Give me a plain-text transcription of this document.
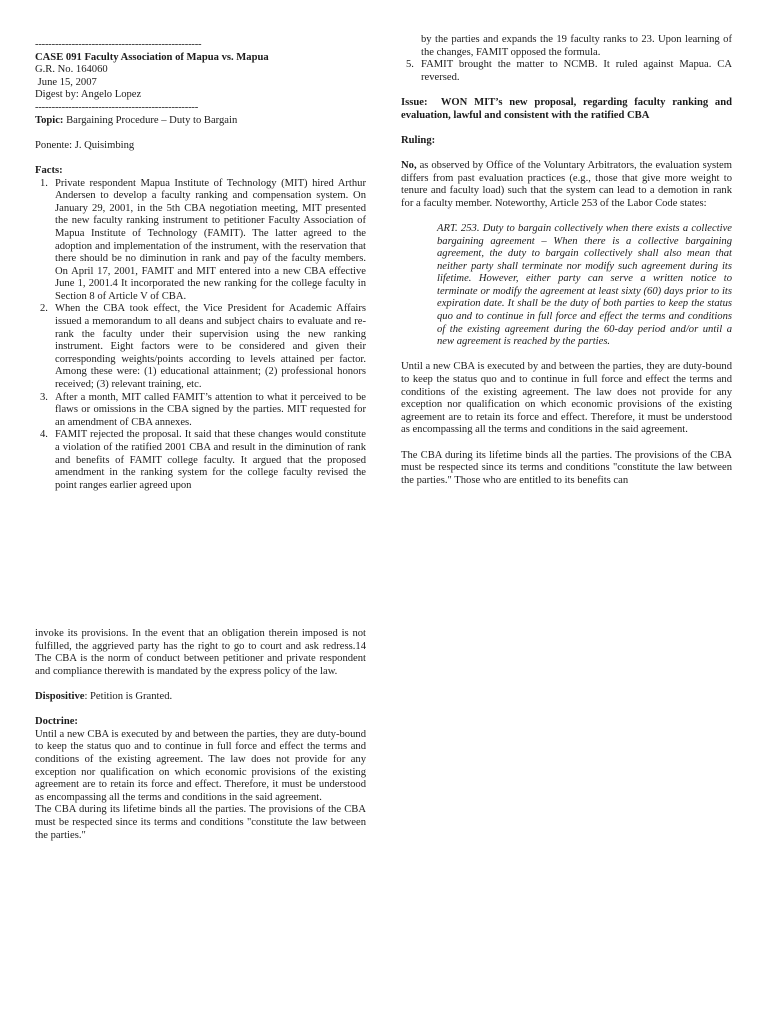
--------------------------------------------------

CASE 091 Faculty Association of Mapua vs. Mapua

G.R. No. 164060

June 15, 2007

Digest by: Angelo Lopez

-------------------------------------------------

Topic: Bargaining Procedure – Duty to Bargain

Ponente: J. Quisimbing

Facts:

1. Private respondent Mapua Institute of Technology (MIT) hired Arthur Andersen to develop a faculty ranking and compensation system. On January 29, 2001, in the 5th CBA negotiation meeting, MIT presented the new faculty ranking instrument to petitioner Faculty Association of Mapua Institute of Technology (FAMIT). The latter agreed to the adoption and implementation of the instrument, with the reservation that there should be no diminution in rank and pay of the faculty members. On April 17, 2001, FAMIT and MIT entered into a new CBA effective June 1, 2001.4 It incorporated the new ranking for the college faculty in Section 8 of Article V of CBA.
2. When the CBA took effect, the Vice President for Academic Affairs issued a memorandum to all deans and subject chairs to evaluate and re-rank the faculty under their supervision using the new ranking instrument. Eight factors were to be considered and given their corresponding weights/points according to levels attained per factor. Among these were: (1) educational attainment; (2) professional honors received; (3) relevant training, etc.
3. After a month, MIT called FAMIT’s attention to what it perceived to be flaws or omissions in the CBA signed by the parties. MIT requested for an amendment of CBA annexes.
4. FAMIT rejected the proposal. It said that these changes would constitute a violation of the ratified 2001 CBA and result in the diminution of rank and benefits of FAMIT college faculty. It argued that the proposed amendment in the ranking system for the college faculty revised the point ranges earlier agreed upon
by the parties and expands the 19 faculty ranks to 23. Upon learning of the changes, FAMIT opposed the formula.
5. FAMIT brought the matter to NCMB. It ruled against Mapua. CA reversed.

Issue:  WON MIT’s new proposal, regarding faculty ranking and evaluation, lawful and consistent with the ratified CBA

Ruling:

No, as observed by Office of the Voluntary Arbitrators, the evaluation system differs from past evaluation practices (e.g., those that give more weight to tenure and faculty load) such that the system can lead to a demotion in rank for a faculty member. Noteworthy, Article 253 of the Labor Code states:

ART. 253. Duty to bargain collectively when there exists a collective bargaining agreement – When there is a collective bargaining agreement, the duty to bargain collectively shall also mean that neither party shall terminate nor modify such agreement during its lifetime. However, either party can serve a written notice to terminate or modify the agreement at least sixty (60) days prior to its expiration date. It shall be the duty of both parties to keep the status quo and to continue in full force and effect the terms and conditions of the existing agreement during the 60-day period and/or until a new agreement is reached by the parties.

Until a new CBA is executed by and between the parties, they are duty-bound to keep the status quo and to continue in full force and effect the terms and conditions of the existing agreement. The law does not provide for any exception nor qualification on which economic provisions of the existing agreement are to retain its force and effect. Therefore, it must be understood as encompassing all the terms and conditions in the said agreement.

The CBA during its lifetime binds all the parties. The provisions of the CBA must be respected since its terms and conditions "constitute the law between the parties." Those who are entitled to its benefits can

invoke its provisions. In the event that an obligation therein imposed is not fulfilled, the aggrieved party has the right to go to court and ask redress.14 The CBA is the norm of conduct between petitioner and private respondent and compliance therewith is mandated by the express policy of the law.

Dispositive: Petition is Granted.

Doctrine:

Until a new CBA is executed by and between the parties, they are duty-bound to keep the status quo and to continue in full force and effect the terms and conditions of the existing agreement. The law does not provide for any exception nor qualification on which economic provisions of the existing agreement are to retain its force and effect. Therefore, it must be understood as encompassing all the terms and conditions in the said agreement.

The CBA during its lifetime binds all the parties. The provisions of the CBA must be respected since its terms and conditions "constitute the law between the parties."
